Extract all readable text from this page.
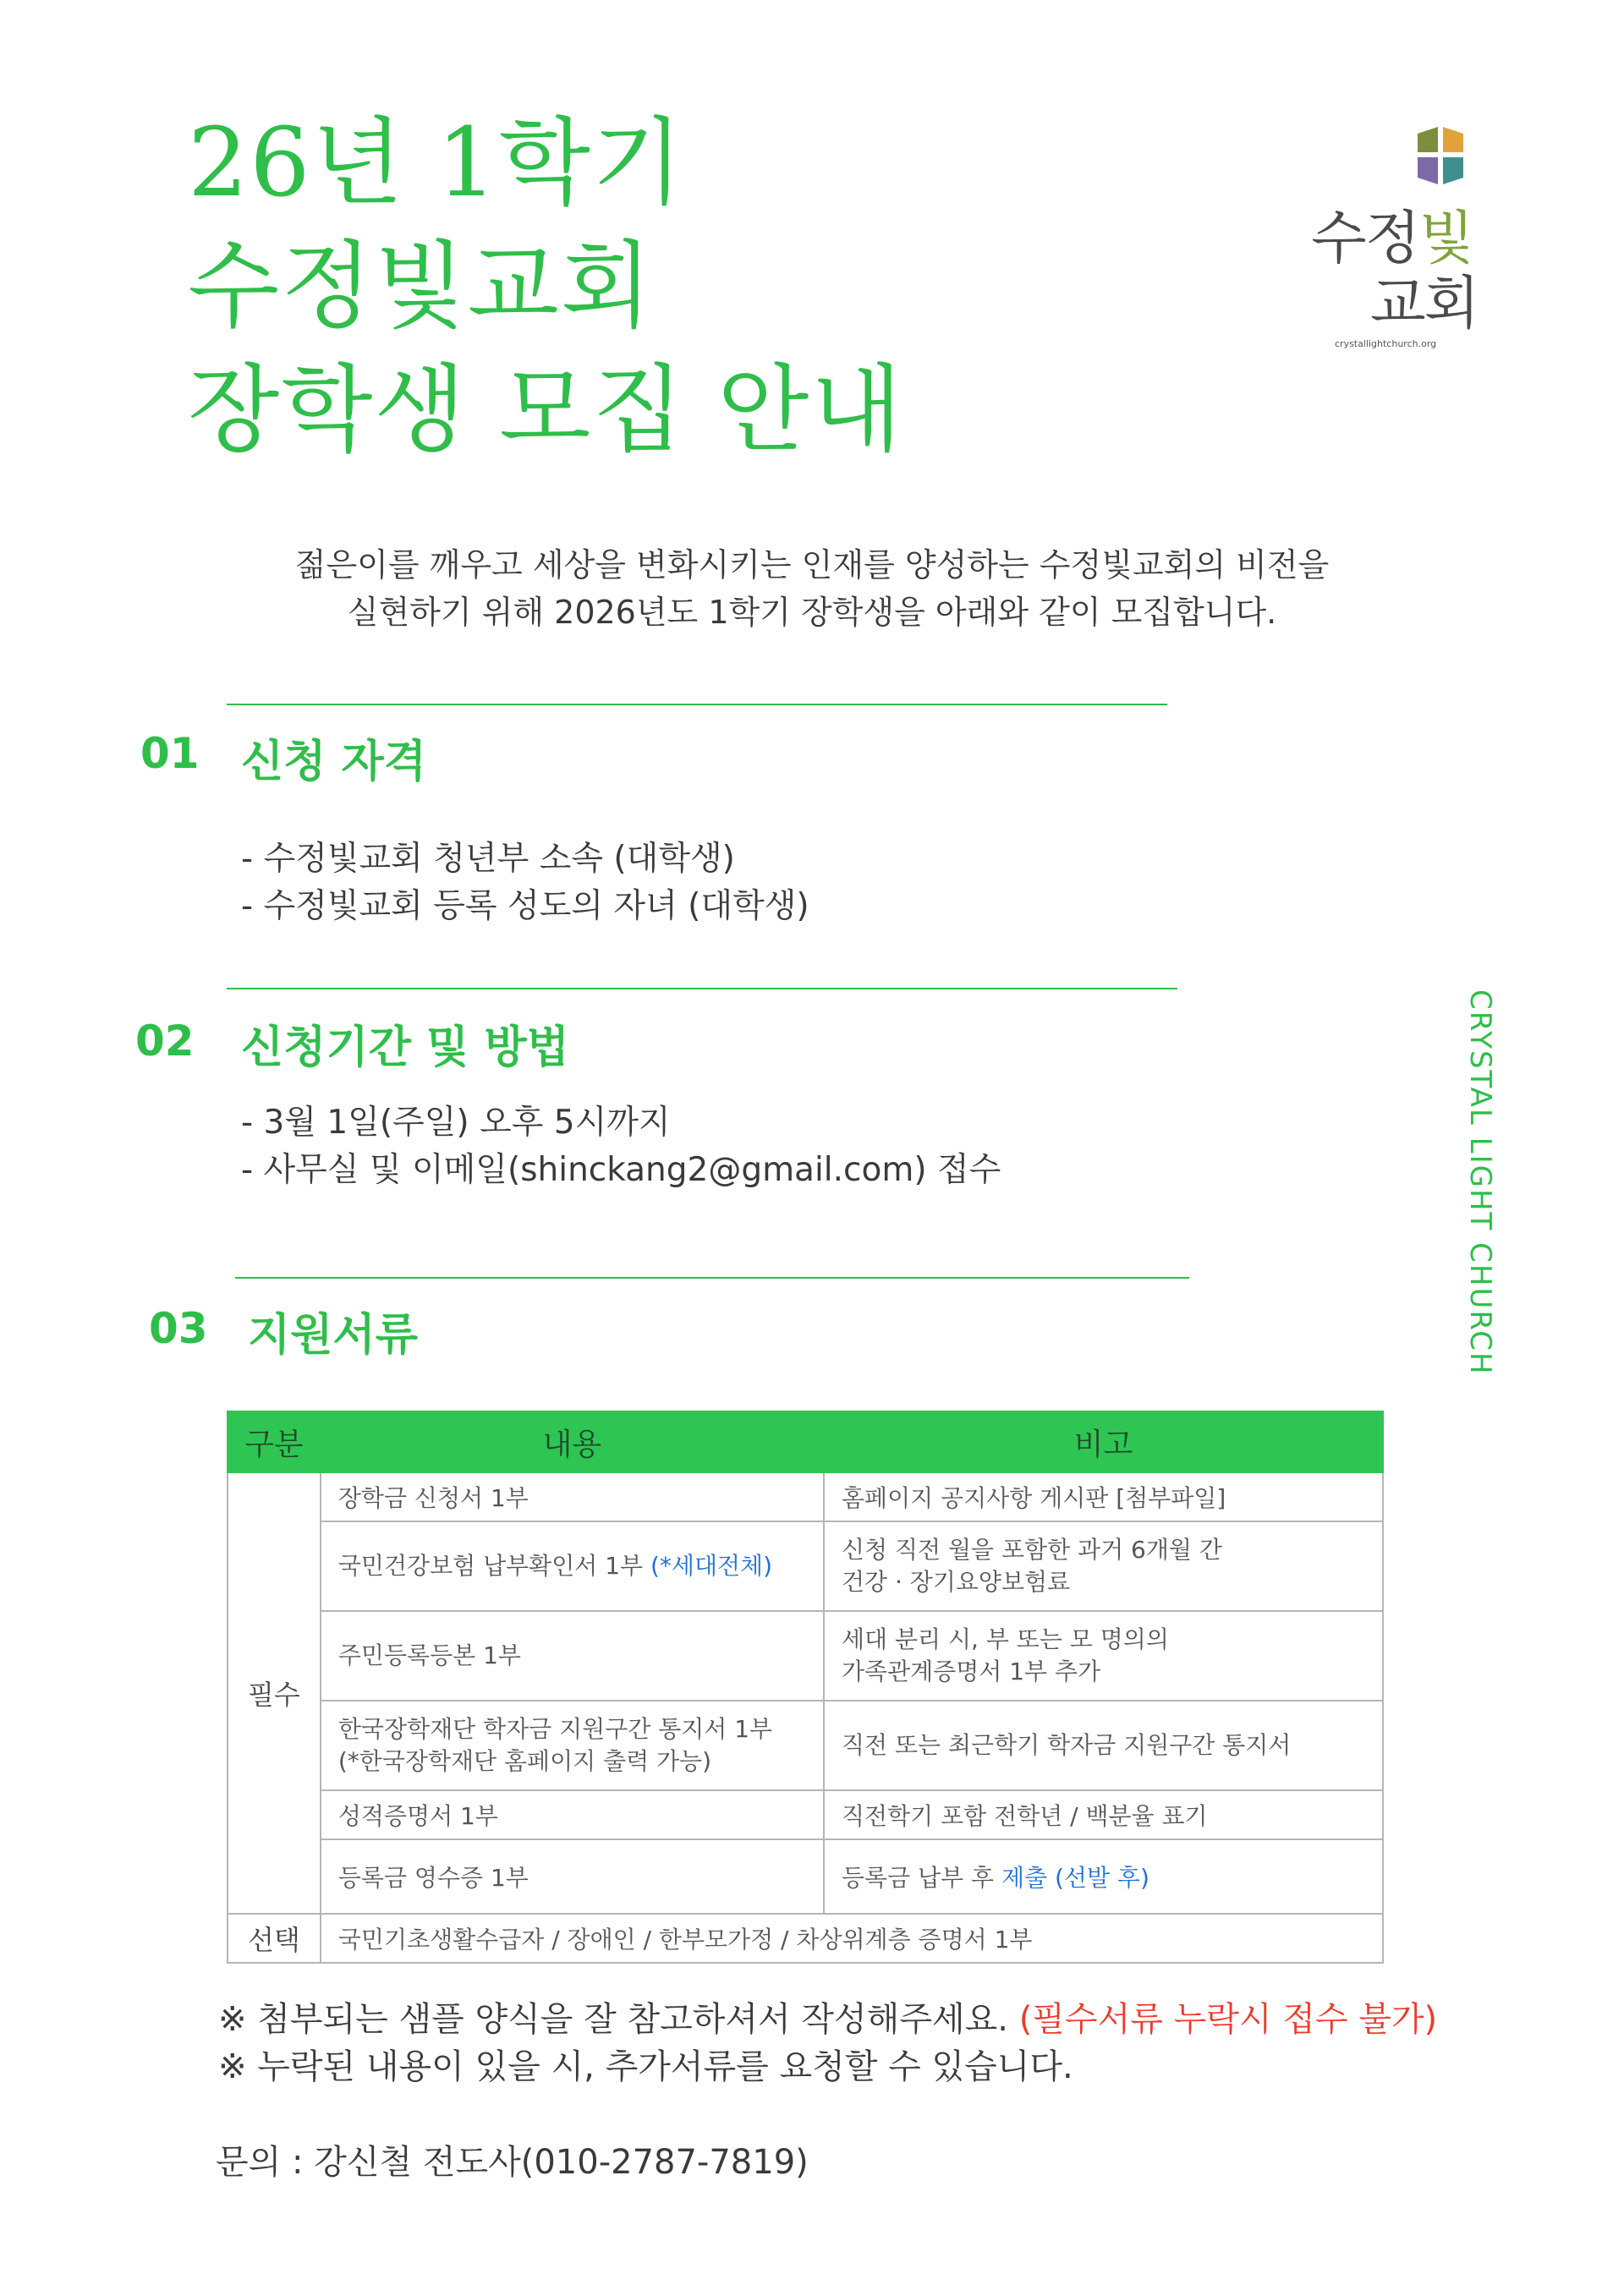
26년 1학기
수정빛교회
장학생 모집 안내
수정빛
교회
crystallightchurch.org
젊은이를 깨우고 세상을 변화시키는 인재를 양성하는 수정빛교회의 비전을
실현하기 위해 2026년도 1학기 장학생을 아래와 같이 모집합니다.
01 신청 자격
- 수정빛교회 청년부 소속 (대학생)
- 수정빛교회 등록 성도의 자녀 (대학생)
02 신청기간 및 방법
- 3월 1일(주일) 오후 5시까지
- 사무실 및 이메일(shinckang2@gmail.com) 접수
03 지원서류	CRYSTAL LIGHT CHURCH
구분	내용	비고
필수	장학금 신청서 1부	홈페이지 공지사항 게시판 [첨부파일]
	국민건강보험 납부확인서 1부 (*세대전체)	신청 직전 월을 포함한 과거 6개월 간
건강 · 장기요양보험료

	주민등록등본 1부	세대 분리 시, 부 또는 모 명의의
가족관계증명서 1부 추가

	한국장학재단 학자금 지원구간 통지서 1부
(*한국장학재단 홈페이지 출력 가능)	직전 또는 최근학기 학자금 지원구간 통지서
	성적증명서 1부	직전학기 포함 전학년 / 백분율 표기
	등록금 영수증 1부	등록금 납부 후 제출 (선발 후)
선택	국민기초생활수급자 / 장애인 / 한부모가정 / 차상위계층 증명서 1부	
※ 첨부되는 샘플 양식을 잘 참고하셔서 작성해주세요. (필수서류 누락시 접수 불가)
※ 누락된 내용이 있을 시, 추가서류를 요청할 수 있습니다.
문의 : 강신철 전도사(010-2787-7819)
